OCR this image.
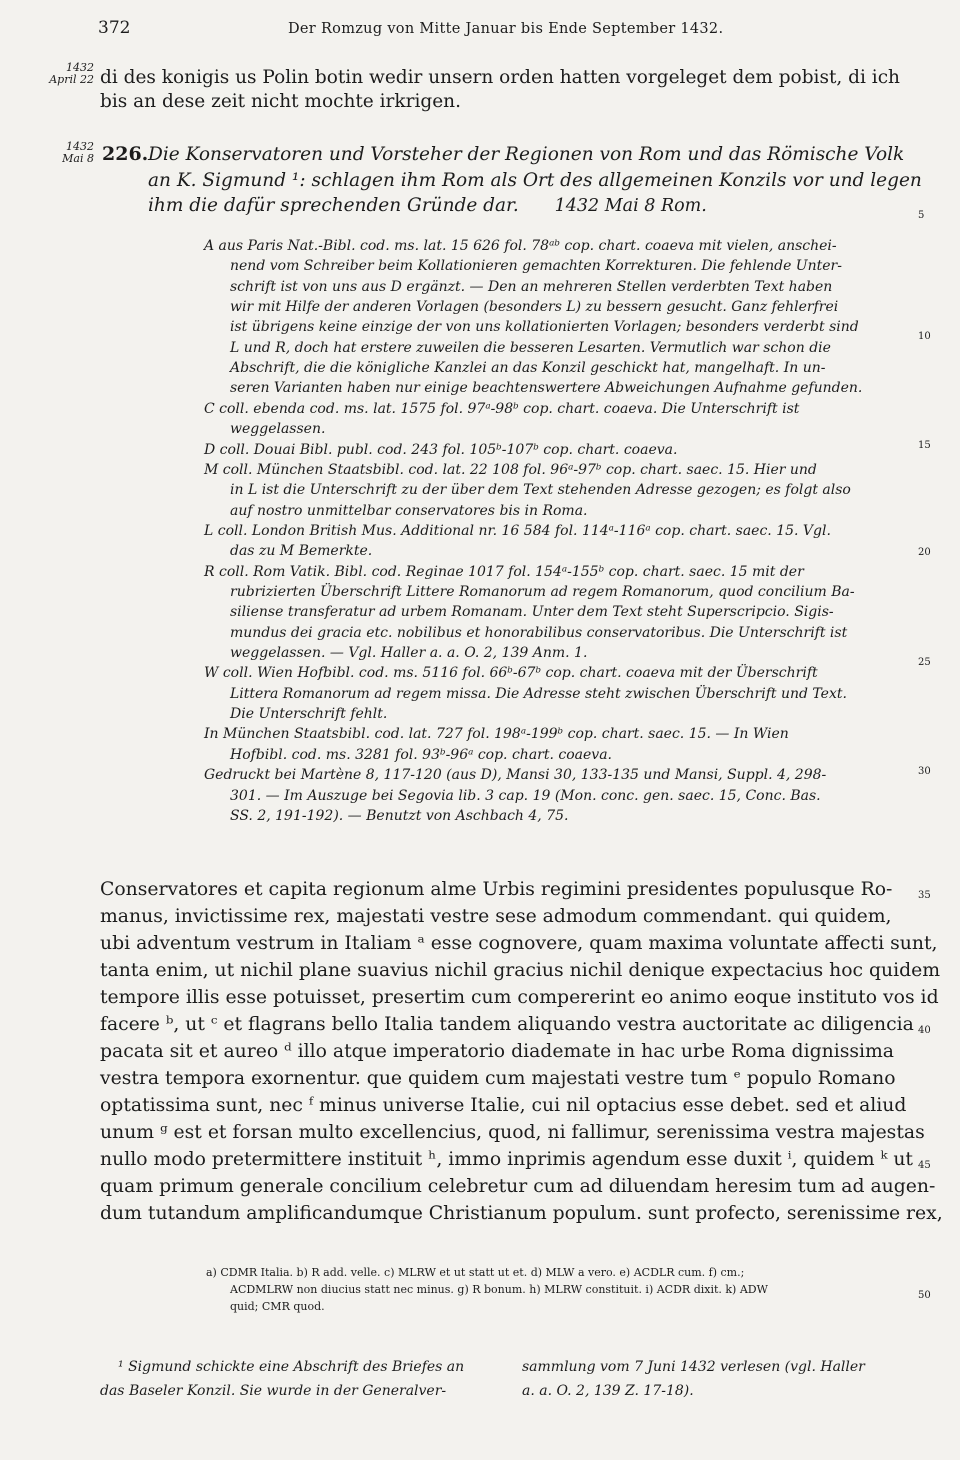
372	Der Romzug von Mitte Januar bis Ende September 1432.
1432
April 22 di des konigis us Polin botin wedir unsern orden hatten vorgeleget dem pobist, di ich bis an dese zeit nicht mochte irkrigen.
1432
Mai 8 226. Die Konservatoren und Vorsteher der Regionen von Rom und das Römische Volk an K. Sigmund ¹: schlagen ihm Rom als Ort des allgemeinen Konzils vor und legen ihm die dafür sprechenden Gründe dar. 1432 Mai 8 Rom.
A aus Paris Nat.-Bibl. cod. ms. lat. 15 626 fol. 78ᵃᵇ cop. chart. coaeva mit vielen, anschei-
nend vom Schreiber beim Kollationieren gemachten Korrekturen. Die fehlende Unter-
schrift ist von uns aus D ergänzt. — Den an mehreren Stellen verderbten Text haben
wir mit Hilfe der anderen Vorlagen (besonders L) zu bessern gesucht. Ganz fehlerfrei
ist übrigens keine einzige der von uns kollationierten Vorlagen; besonders verderbt sind
L und R, doch hat erstere zuweilen die besseren Lesarten. Vermutlich war schon die
Abschrift, die die königliche Kanzlei an das Konzil geschickt hat, mangelhaft. In un-
seren Varianten haben nur einige beachtenswertere Abweichungen Aufnahme gefunden.
C coll. ebenda cod. ms. lat. 1575 fol. 97ᵃ-98ᵇ cop. chart. coaeva. Die Unterschrift ist
weggelassen.
D coll. Douai Bibl. publ. cod. 243 fol. 105ᵇ-107ᵇ cop. chart. coaeva.
M coll. München Staatsbibl. cod. lat. 22 108 fol. 96ᵃ-97ᵇ cop. chart. saec. 15. Hier und
in L ist die Unterschrift zu der über dem Text stehenden Adresse gezogen; es folgt also
auf nostro unmittelbar conservatores bis in Roma.
L coll. London British Mus. Additional nr. 16 584 fol. 114ᵃ-116ᵃ cop. chart. saec. 15. Vgl.
das zu M Bemerkte.
R coll. Rom Vatik. Bibl. cod. Reginae 1017 fol. 154ᵃ-155ᵇ cop. chart. saec. 15 mit der
rubrizierten Überschrift Littere Romanorum ad regem Romanorum, quod concilium Ba-
siliense transferatur ad urbem Romanam. Unter dem Text steht Superscripcio. Sigis-
mundus dei gracia etc. nobilibus et honorabilibus conservatoribus. Die Unterschrift ist
weggelassen. — Vgl. Haller a. a. O. 2, 139 Anm. 1.
W coll. Wien Hofbibl. cod. ms. 5116 fol. 66ᵇ-67ᵇ cop. chart. coaeva mit der Überschrift
Littera Romanorum ad regem missa. Die Adresse steht zwischen Überschrift und Text.
Die Unterschrift fehlt.
In München Staatsbibl. cod. lat. 727 fol. 198ᵃ-199ᵇ cop. chart. saec. 15. — In Wien
Hofbibl. cod. ms. 3281 fol. 93ᵇ-96ᵃ cop. chart. coaeva.
Gedruckt bei Martène 8, 117-120 (aus D), Mansi 30, 133-135 und Mansi, Suppl. 4, 298-
301. — Im Auszuge bei Segovia lib. 3 cap. 19 (Mon. conc. gen. saec. 15, Conc. Bas.
SS. 2, 191-192). — Benutzt von Aschbach 4, 75.
Conservatores et capita regionum alme Urbis regimini presidentes populusque Ro-
manus, invictissime rex, majestati vestre sese admodum commendant. qui quidem,
ubi adventum vestrum in Italiam ᵃ esse cognovere, quam maxima voluntate affecti sunt,
tanta enim, ut nichil plane suavius nichil gracius nichil denique expectacius hoc quidem
tempore illis esse potuisset, presertim cum compererint eo animo eoque instituto vos id
facere ᵇ, ut ᶜ et flagrans bello Italia tandem aliquando vestra auctoritate ac diligencia
pacata sit et aureo ᵈ illo atque imperatorio diademate in hac urbe Roma dignissima
vestra tempora exornentur. que quidem cum majestati vestre tum ᵉ populo Romano
optatissima sunt, nec ᶠ minus universe Italie, cui nil optacius esse debet. sed et aliud
unum ᵍ est et forsan multo excellencius, quod, ni fallimur, serenissima vestra majestas
nullo modo pretermittere instituit ʰ, immo inprimis agendum esse duxit ⁱ, quidem ᵏ ut
quam primum generale concilium celebretur cum ad diluendam heresim tum ad augen-
dum tutandum amplificandumque Christianum populum. sunt profecto, serenissime rex,
5
10
15
20
25
30
35
40
45
50
a) CDMR Italia. b) R add. velle. c) MLRW et ut statt ut et. d) MLW a vero. e) ACDLR cum. f) cm.;
ACDMLRW non diucius statt nec minus. g) R bonum. h) MLRW constituit. i) ACDR dixit. k) ADW
quid; CMR quod.
¹ Sigmund schickte eine Abschrift des Briefes an
das Baseler Konzil. Sie wurde in der Generalver-
sammlung vom 7 Juni 1432 verlesen (vgl. Haller
a. a. O. 2, 139 Z. 17-18).
